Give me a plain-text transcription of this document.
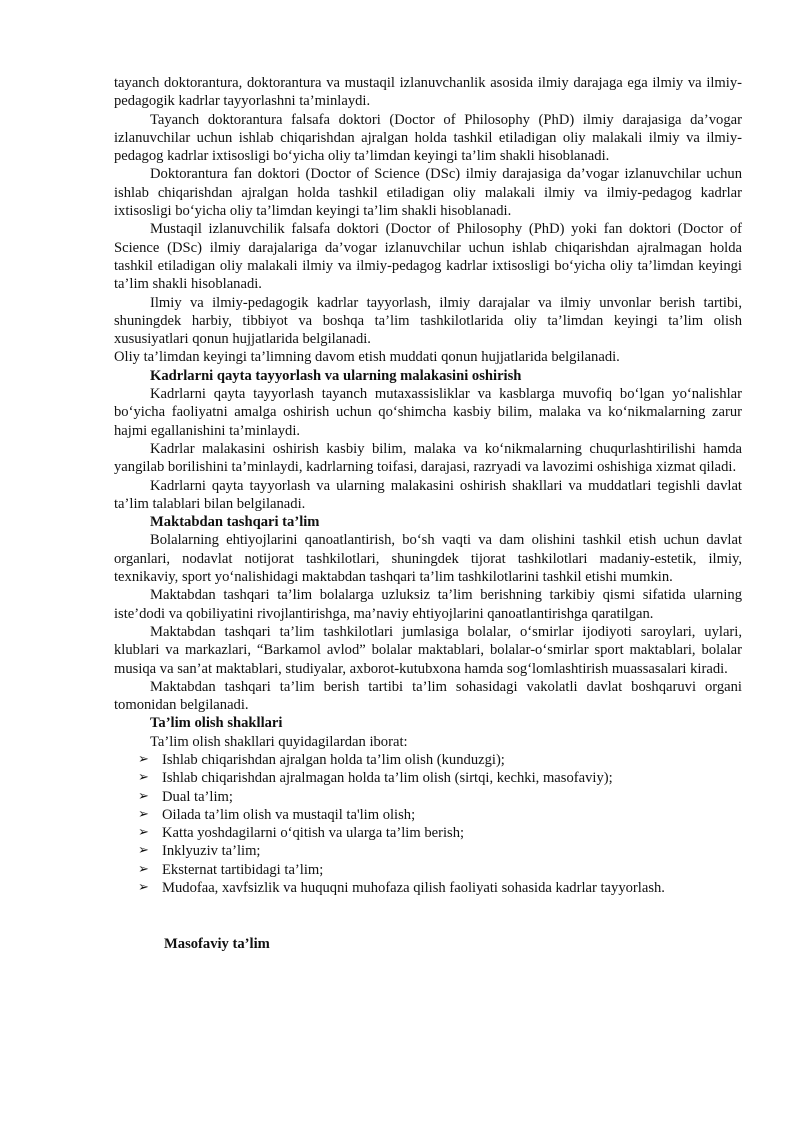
tayanch doktorantura, doktorantura va mustaqil izlanuvchanlik asosida ilmiy darajaga ega ilmiy va ilmiy-pedagogik kadrlar tayyorlashni ta’minlaydi.

Tayanch doktorantura falsafa doktori (Doctor of Philosophy (PhD) ilmiy darajasiga da’vogar izlanuvchilar uchun ishlab chiqarishdan ajralgan holda tashkil etiladigan oliy malakali ilmiy va ilmiy-pedagog kadrlar ixtisosligi bo‘yicha oliy ta’limdan keyingi ta’lim shakli hisoblanadi.

Doktorantura fan doktori (Doctor of Science (DSc) ilmiy darajasiga da’vogar izlanuvchilar uchun ishlab chiqarishdan ajralgan holda tashkil etiladigan oliy malakali ilmiy va ilmiy-pedagog kadrlar ixtisosligi bo‘yicha oliy ta’limdan keyingi ta’lim shakli hisoblanadi.

Mustaqil izlanuvchilik falsafa doktori (Doctor of Philosophy (PhD) yoki fan doktori (Doctor of Science (DSc) ilmiy darajalariga da’vogar izlanuvchilar uchun ishlab chiqarishdan ajralmagan holda tashkil etiladigan oliy malakali ilmiy va ilmiy-pedagog kadrlar ixtisosligi bo‘yicha oliy ta’limdan keyingi ta’lim shakli hisoblanadi.

Ilmiy va ilmiy-pedagogik kadrlar tayyorlash, ilmiy darajalar va ilmiy unvonlar berish tartibi, shuningdek harbiy, tibbiyot va boshqa ta’lim tashkilotlarida oliy ta’limdan keyingi ta’lim olish xususiyatlari qonun hujjatlarida belgilanadi.

Oliy ta’limdan keyingi ta’limning davom etish muddati qonun hujjatlarida belgilanadi.

Kadrlarni qayta tayyorlash va ularning malakasini oshirish

Kadrlarni qayta tayyorlash tayanch mutaxassisliklar va kasblarga muvofiq bo‘lgan yo‘nalishlar bo‘yicha faoliyatni amalga oshirish uchun qo‘shimcha kasbiy bilim, malaka va ko‘nikmalarning zarur hajmi egallanishini ta’minlaydi.

Kadrlar malakasini oshirish kasbiy bilim, malaka va ko‘nikmalarning chuqurlashtirilishi hamda yangilab borilishini ta’minlaydi, kadrlarning toifasi, darajasi, razryadi va lavozimi oshishiga xizmat qiladi.

Kadrlarni qayta tayyorlash va ularning malakasini oshirish shakllari va muddatlari tegishli davlat ta’lim talablari bilan belgilanadi.

Maktabdan tashqari ta’lim

Bolalarning ehtiyojlarini qanoatlantirish, bo‘sh vaqti va dam olishini tashkil etish uchun davlat organlari, nodavlat notijorat tashkilotlari, shuningdek tijorat tashkilotlari madaniy-estetik, ilmiy, texnikaviy, sport yo‘nalishidagi maktabdan tashqari ta’lim tashkilotlarini tashkil etishi mumkin.

Maktabdan tashqari ta’lim bolalarga uzluksiz ta’lim berishning tarkibiy qismi sifatida ularning iste’dodi va qobiliyatini rivojlantirishga, ma’naviy ehtiyojlarini qanoatlantirishga qaratilgan.

Maktabdan tashqari ta’lim tashkilotlari jumlasiga bolalar, o‘smirlar ijodiyoti saroylari, uylari, klublari va markazlari, “Barkamol avlod” bolalar maktablari, bolalar-o‘smirlar sport maktablari, bolalar musiqa va san’at maktablari, studiyalar, axborot-kutubxona hamda sog‘lomlashtirish muassasalari kiradi.

Maktabdan tashqari ta’lim berish tartibi ta’lim sohasidagi vakolatli davlat boshqaruvi organi tomonidan belgilanadi.

Ta’lim olish shakllari

Ta’lim olish shakllari quyidagilardan iborat:

➢ Ishlab chiqarishdan ajralgan holda ta’lim olish (kunduzgi);
➢ Ishlab chiqarishdan ajralmagan holda ta’lim olish (sirtqi, kechki, masofaviy);
➢ Dual ta’lim;
➢ Oilada ta’lim olish va mustaqil ta'lim olish;
➢ Katta yoshdagilarni o‘qitish va ularga ta’lim berish;
➢ Inklyuziv ta’lim;
➢ Eksternat tartibidagi ta’lim;
➢ Mudofaa, xavfsizlik va huquqni muhofaza qilish faoliyati sohasida kadrlar tayyorlash.

Masofaviy ta’lim
